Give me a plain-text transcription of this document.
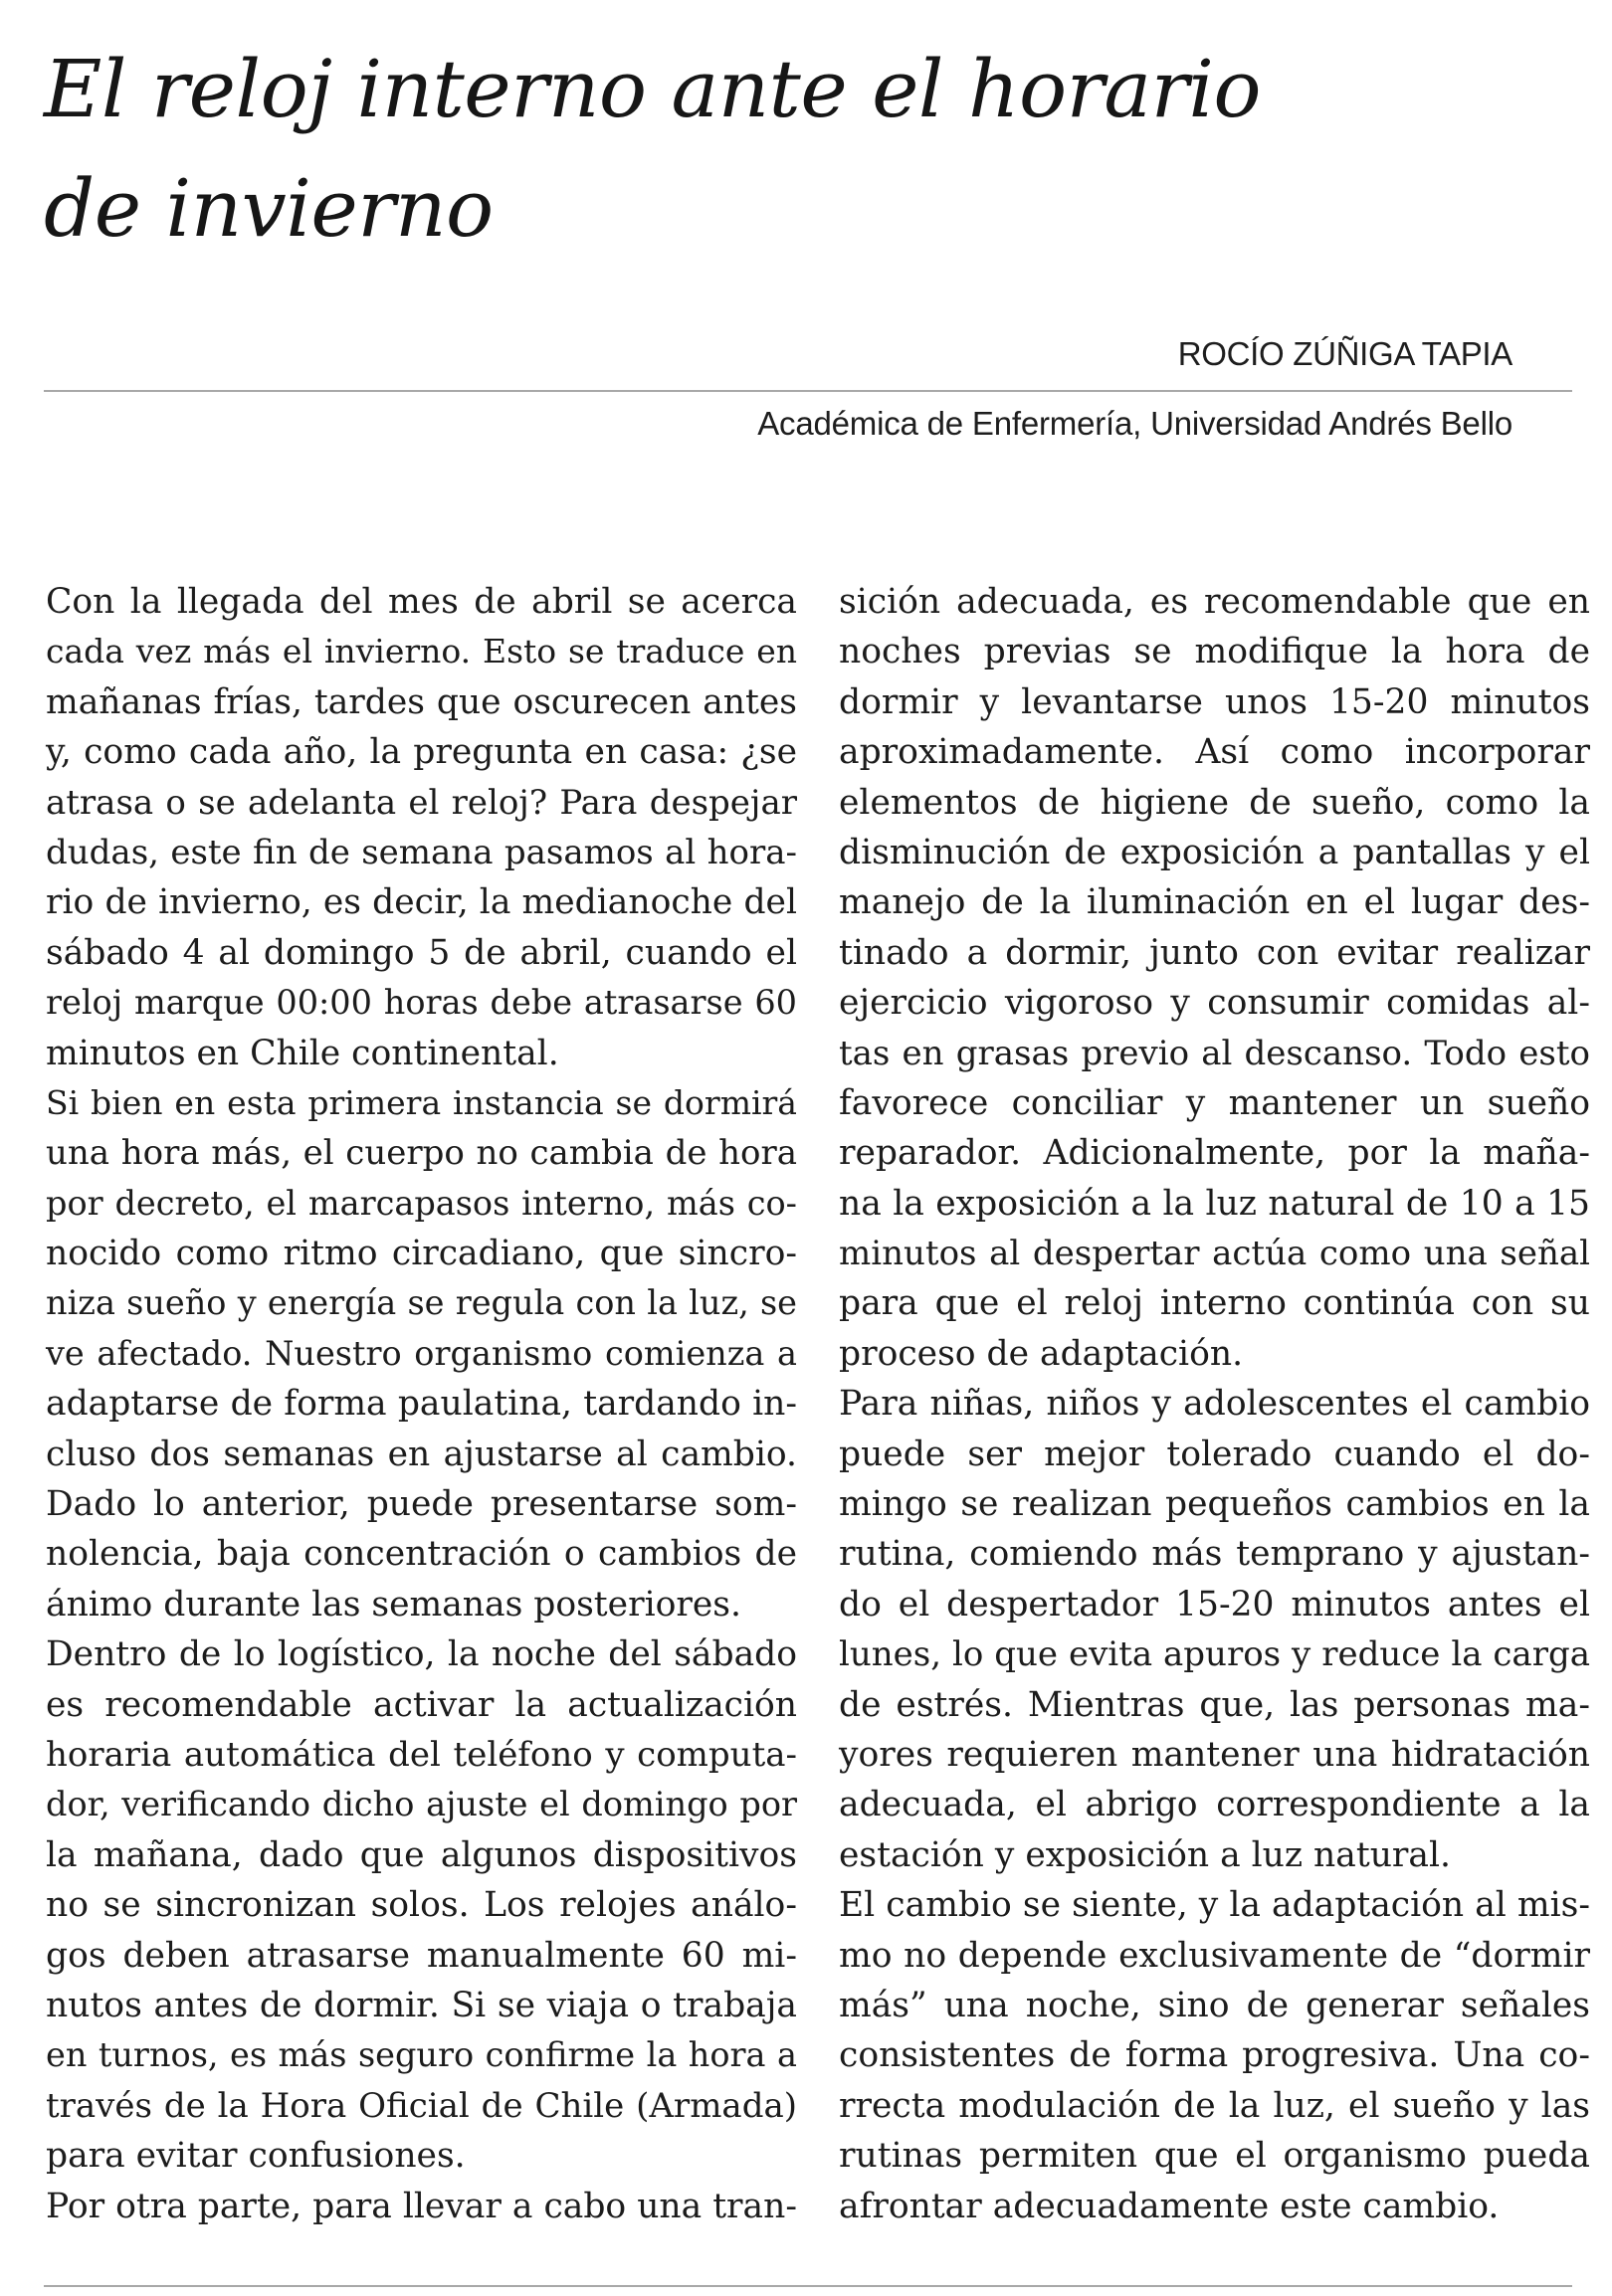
El reloj interno ante el horario
de invierno
ROCÍO ZÚÑIGA TAPIA
Académica de Enfermería, Universidad Andrés Bello
Con la llegada del mes de abril se acerca
cada vez más el invierno. Esto se traduce en
mañanas frías, tardes que oscurecen antes
y, como cada año, la pregunta en casa: ¿se
atrasa o se adelanta el reloj? Para despejar
dudas, este fin de semana pasamos al hora-
rio de invierno, es decir, la medianoche del
sábado 4 al domingo 5 de abril, cuando el
reloj marque 00:00 horas debe atrasarse 60
minutos en Chile continental.
Si bien en esta primera instancia se dormirá
una hora más, el cuerpo no cambia de hora
por decreto, el marcapasos interno, más co-
nocido como ritmo circadiano, que sincro-
niza sueño y energía se regula con la luz, se
ve afectado. Nuestro organismo comienza a
adaptarse de forma paulatina, tardando in-
cluso dos semanas en ajustarse al cambio.
Dado lo anterior, puede presentarse som-
nolencia, baja concentración o cambios de
ánimo durante las semanas posteriores.
Dentro de lo logístico, la noche del sábado
es recomendable activar la actualización
horaria automática del teléfono y computa-
dor, verificando dicho ajuste el domingo por
la mañana, dado que algunos dispositivos
no se sincronizan solos. Los relojes análo-
gos deben atrasarse manualmente 60 mi-
nutos antes de dormir. Si se viaja o trabaja
en turnos, es más seguro confirme la hora a
través de la Hora Oficial de Chile (Armada)
para evitar confusiones.
Por otra parte, para llevar a cabo una tran-
sición adecuada, es recomendable que en
noches previas se modifique la hora de
dormir y levantarse unos 15-20 minutos
aproximadamente. Así como incorporar
elementos de higiene de sueño, como la
disminución de exposición a pantallas y el
manejo de la iluminación en el lugar des-
tinado a dormir, junto con evitar realizar
ejercicio vigoroso y consumir comidas al-
tas en grasas previo al descanso. Todo esto
favorece conciliar y mantener un sueño
reparador. Adicionalmente, por la maña-
na la exposición a la luz natural de 10 a 15
minutos al despertar actúa como una señal
para que el reloj interno continúa con su
proceso de adaptación.
Para niñas, niños y adolescentes el cambio
puede ser mejor tolerado cuando el do-
mingo se realizan pequeños cambios en la
rutina, comiendo más temprano y ajustan-
do el despertador 15-20 minutos antes el
lunes, lo que evita apuros y reduce la carga
de estrés. Mientras que, las personas ma-
yores requieren mantener una hidratación
adecuada, el abrigo correspondiente a la
estación y exposición a luz natural.
El cambio se siente, y la adaptación al mis-
mo no depende exclusivamente de “dormir
más” una noche, sino de generar señales
consistentes de forma progresiva. Una co-
rrecta modulación de la luz, el sueño y las
rutinas permiten que el organismo pueda
afrontar adecuadamente este cambio.
